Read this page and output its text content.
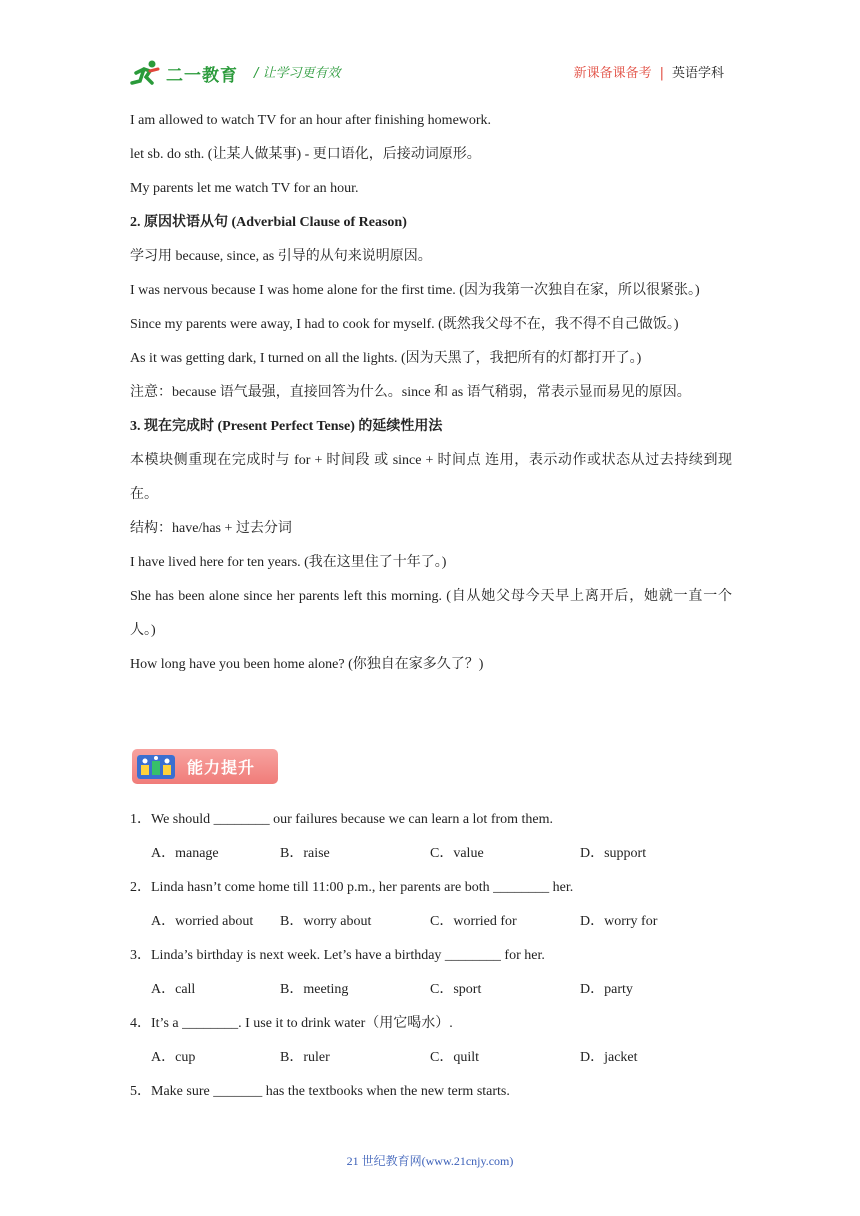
二一教育 / 让学习更有效	新课备课备考 | 英语学科

I am allowed to watch TV for an hour after finishing homework.

let sb. do sth. (让某人做某事) - 更口语化，后接动词原形。

My parents let me watch TV for an hour.

2. 原因状语从句 (Adverbial Clause of Reason)

学习用 because, since, as 引导的从句来说明原因。

I was nervous because I was home alone for the first time. (因为我第一次独自在家，所以很紧张。)

Since my parents were away, I had to cook for myself. (既然我父母不在，我不得不自己做饭。)

As it was getting dark, I turned on all the lights. (因为天黑了，我把所有的灯都打开了。)

注意：because 语气最强，直接回答为什么。since 和 as 语气稍弱，常表示显而易见的原因。

3. 现在完成时 (Present Perfect Tense) 的延续性用法

本模块侧重现在完成时与 for + 时间段 或 since + 时间点 连用，表示动作或状态从过去持续到现在。

结构：have/has + 过去分词

I have lived here for ten years. (我在这里住了十年了。)

She has been alone since her parents left this morning. (自从她父母今天早上离开后，她就一直一个人。)

How long have you been home alone? (你独自在家多久了？)

能力提升

1．We should ________ our failures because we can learn a lot from them.

A．manage	B．raise	C．value	D．support

2．Linda hasn’t come home till 11:00 p.m., her parents are both ________ her.

A．worried about	B．worry about	C．worried for	D．worry for

3．Linda’s birthday is next week. Let’s have a birthday ________ for her.

A．call	B．meeting	C．sport	D．party

4．It’s a ________. I use it to drink water（用它喝水）.

A．cup	B．ruler	C．quilt	D．jacket

5．Make sure _______ has the textbooks when the new term starts.

21 世纪教育网(www.21cnjy.com)
